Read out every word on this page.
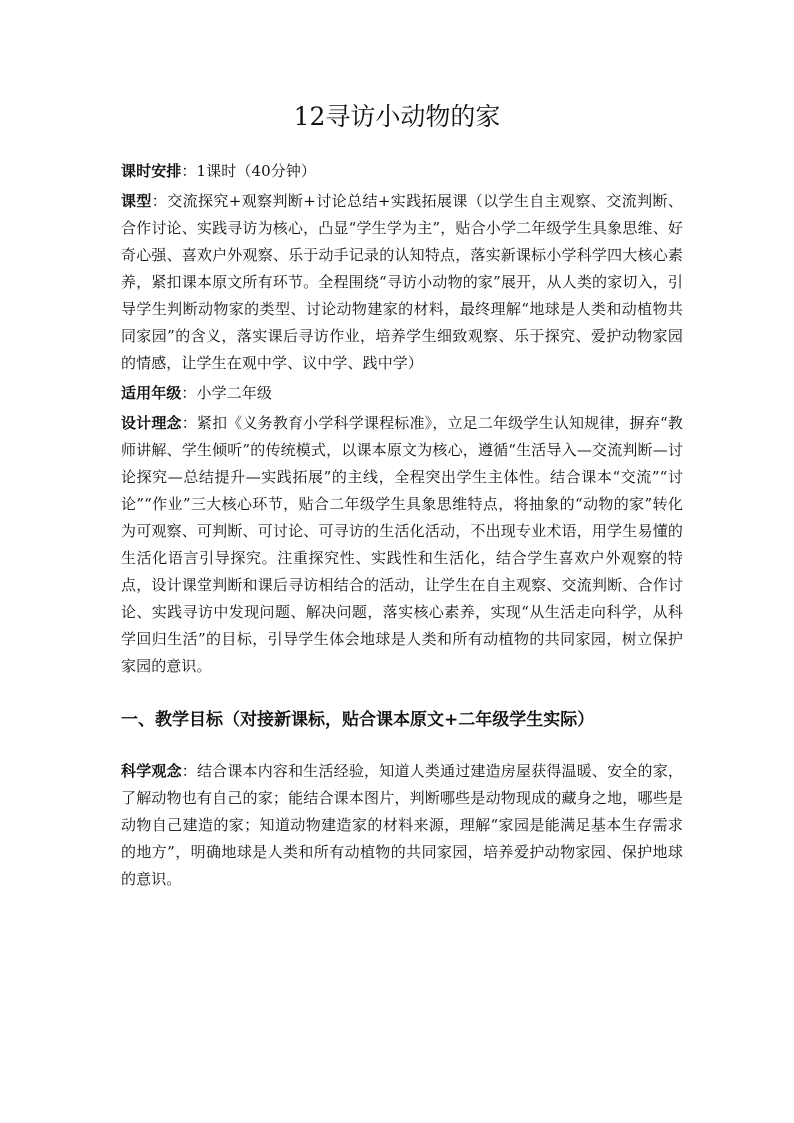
12寻访小动物的家

课时安排：1课时（40分钟）

课型：交流探究+观察判断+讨论总结+实践拓展课（以学生自主观察、交流判断、合作讨论、实践寻访为核心，凸显“学生学为主”，贴合小学二年级学生具象思维、好奇心强、喜欢户外观察、乐于动手记录的认知特点，落实新课标小学科学四大核心素养，紧扣课本原文所有环节。全程围绕“寻访小动物的家”展开，从人类的家切入，引导学生判断动物家的类型、讨论动物建家的材料，最终理解“地球是人类和动植物共同家园”的含义，落实课后寻访作业，培养学生细致观察、乐于探究、爱护动物家园的情感，让学生在观中学、议中学、践中学）

适用年级：小学二年级

设计理念：紧扣《义务教育小学科学课程标准》，立足二年级学生认知规律，摒弃“教师讲解、学生倾听”的传统模式，以课本原文为核心，遵循“生活导入—交流判断—讨论探究—总结提升—实践拓展”的主线，全程突出学生主体性。结合课本“交流”“讨论”“作业”三大核心环节，贴合二年级学生具象思维特点，将抽象的“动物的家”转化为可观察、可判断、可讨论、可寻访的生活化活动，不出现专业术语，用学生易懂的生活化语言引导探究。注重探究性、实践性和生活化，结合学生喜欢户外观察的特点，设计课堂判断和课后寻访相结合的活动，让学生在自主观察、交流判断、合作讨论、实践寻访中发现问题、解决问题，落实核心素养，实现“从生活走向科学，从科学回归生活”的目标，引导学生体会地球是人类和所有动植物的共同家园，树立保护家园的意识。

一、教学目标（对接新课标，贴合课本原文+二年级学生实际）

科学观念：结合课本内容和生活经验，知道人类通过建造房屋获得温暖、安全的家，了解动物也有自己的家；能结合课本图片，判断哪些是动物现成的藏身之地，哪些是动物自己建造的家；知道动物建造家的材料来源，理解“家园是能满足基本生存需求的地方”，明确地球是人类和所有动植物的共同家园，培养爱护动物家园、保护地球的意识。
